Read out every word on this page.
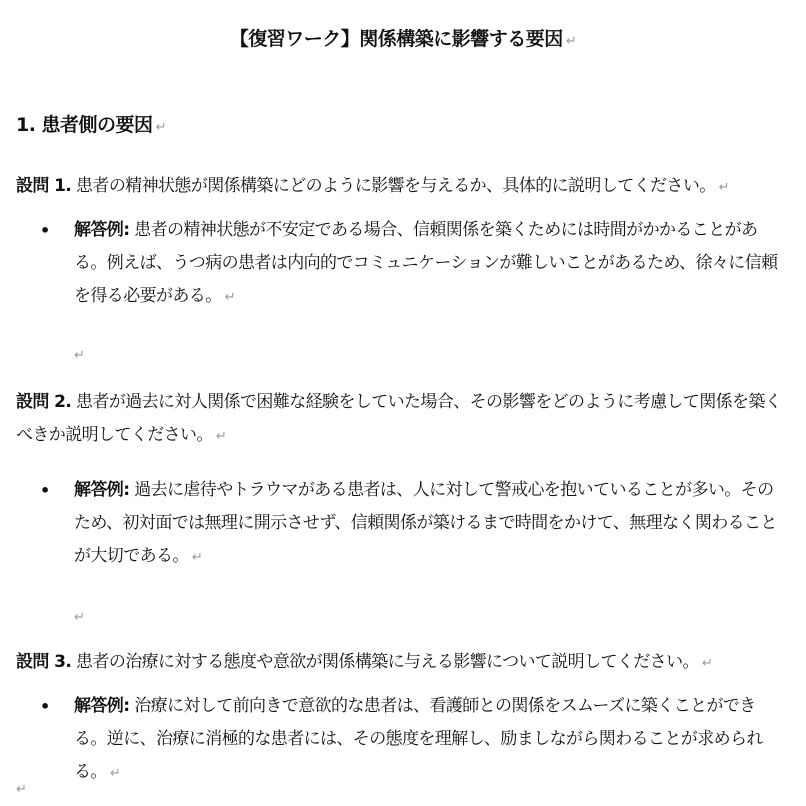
【復習ワーク】関係構築に影響する要因 ↵
1. 患者側の要因 ↵
設問 1. 患者の精神状態が関係構築にどのように影響を与えるか、具体的に説明してください。 ↵
•	解答例: 患者の精神状態が不安定である場合、信頼関係を築くためには時間がかかることがある。例えば、うつ病の患者は内向的でコミュニケーションが難しいことがあるため、徐々に信頼を得る必要がある。 ↵
↵
設問 2. 患者が過去に対人関係で困難な経験をしていた場合、その影響をどのように考慮して関係を築くべきか説明してください。 ↵
•	解答例: 過去に虐待やトラウマがある患者は、人に対して警戒心を抱いていることが多い。そのため、初対面では無理に開示させず、信頼関係が築けるまで時間をかけて、無理なく関わることが大切である。 ↵
↵
設問 3. 患者の治療に対する態度や意欲が関係構築に与える影響について説明してください。 ↵
•	解答例: 治療に対して前向きで意欲的な患者は、看護師との関係をスムーズに築くことができる。逆に、治療に消極的な患者には、その態度を理解し、励ましながら関わることが求められる。 ↵
↵
